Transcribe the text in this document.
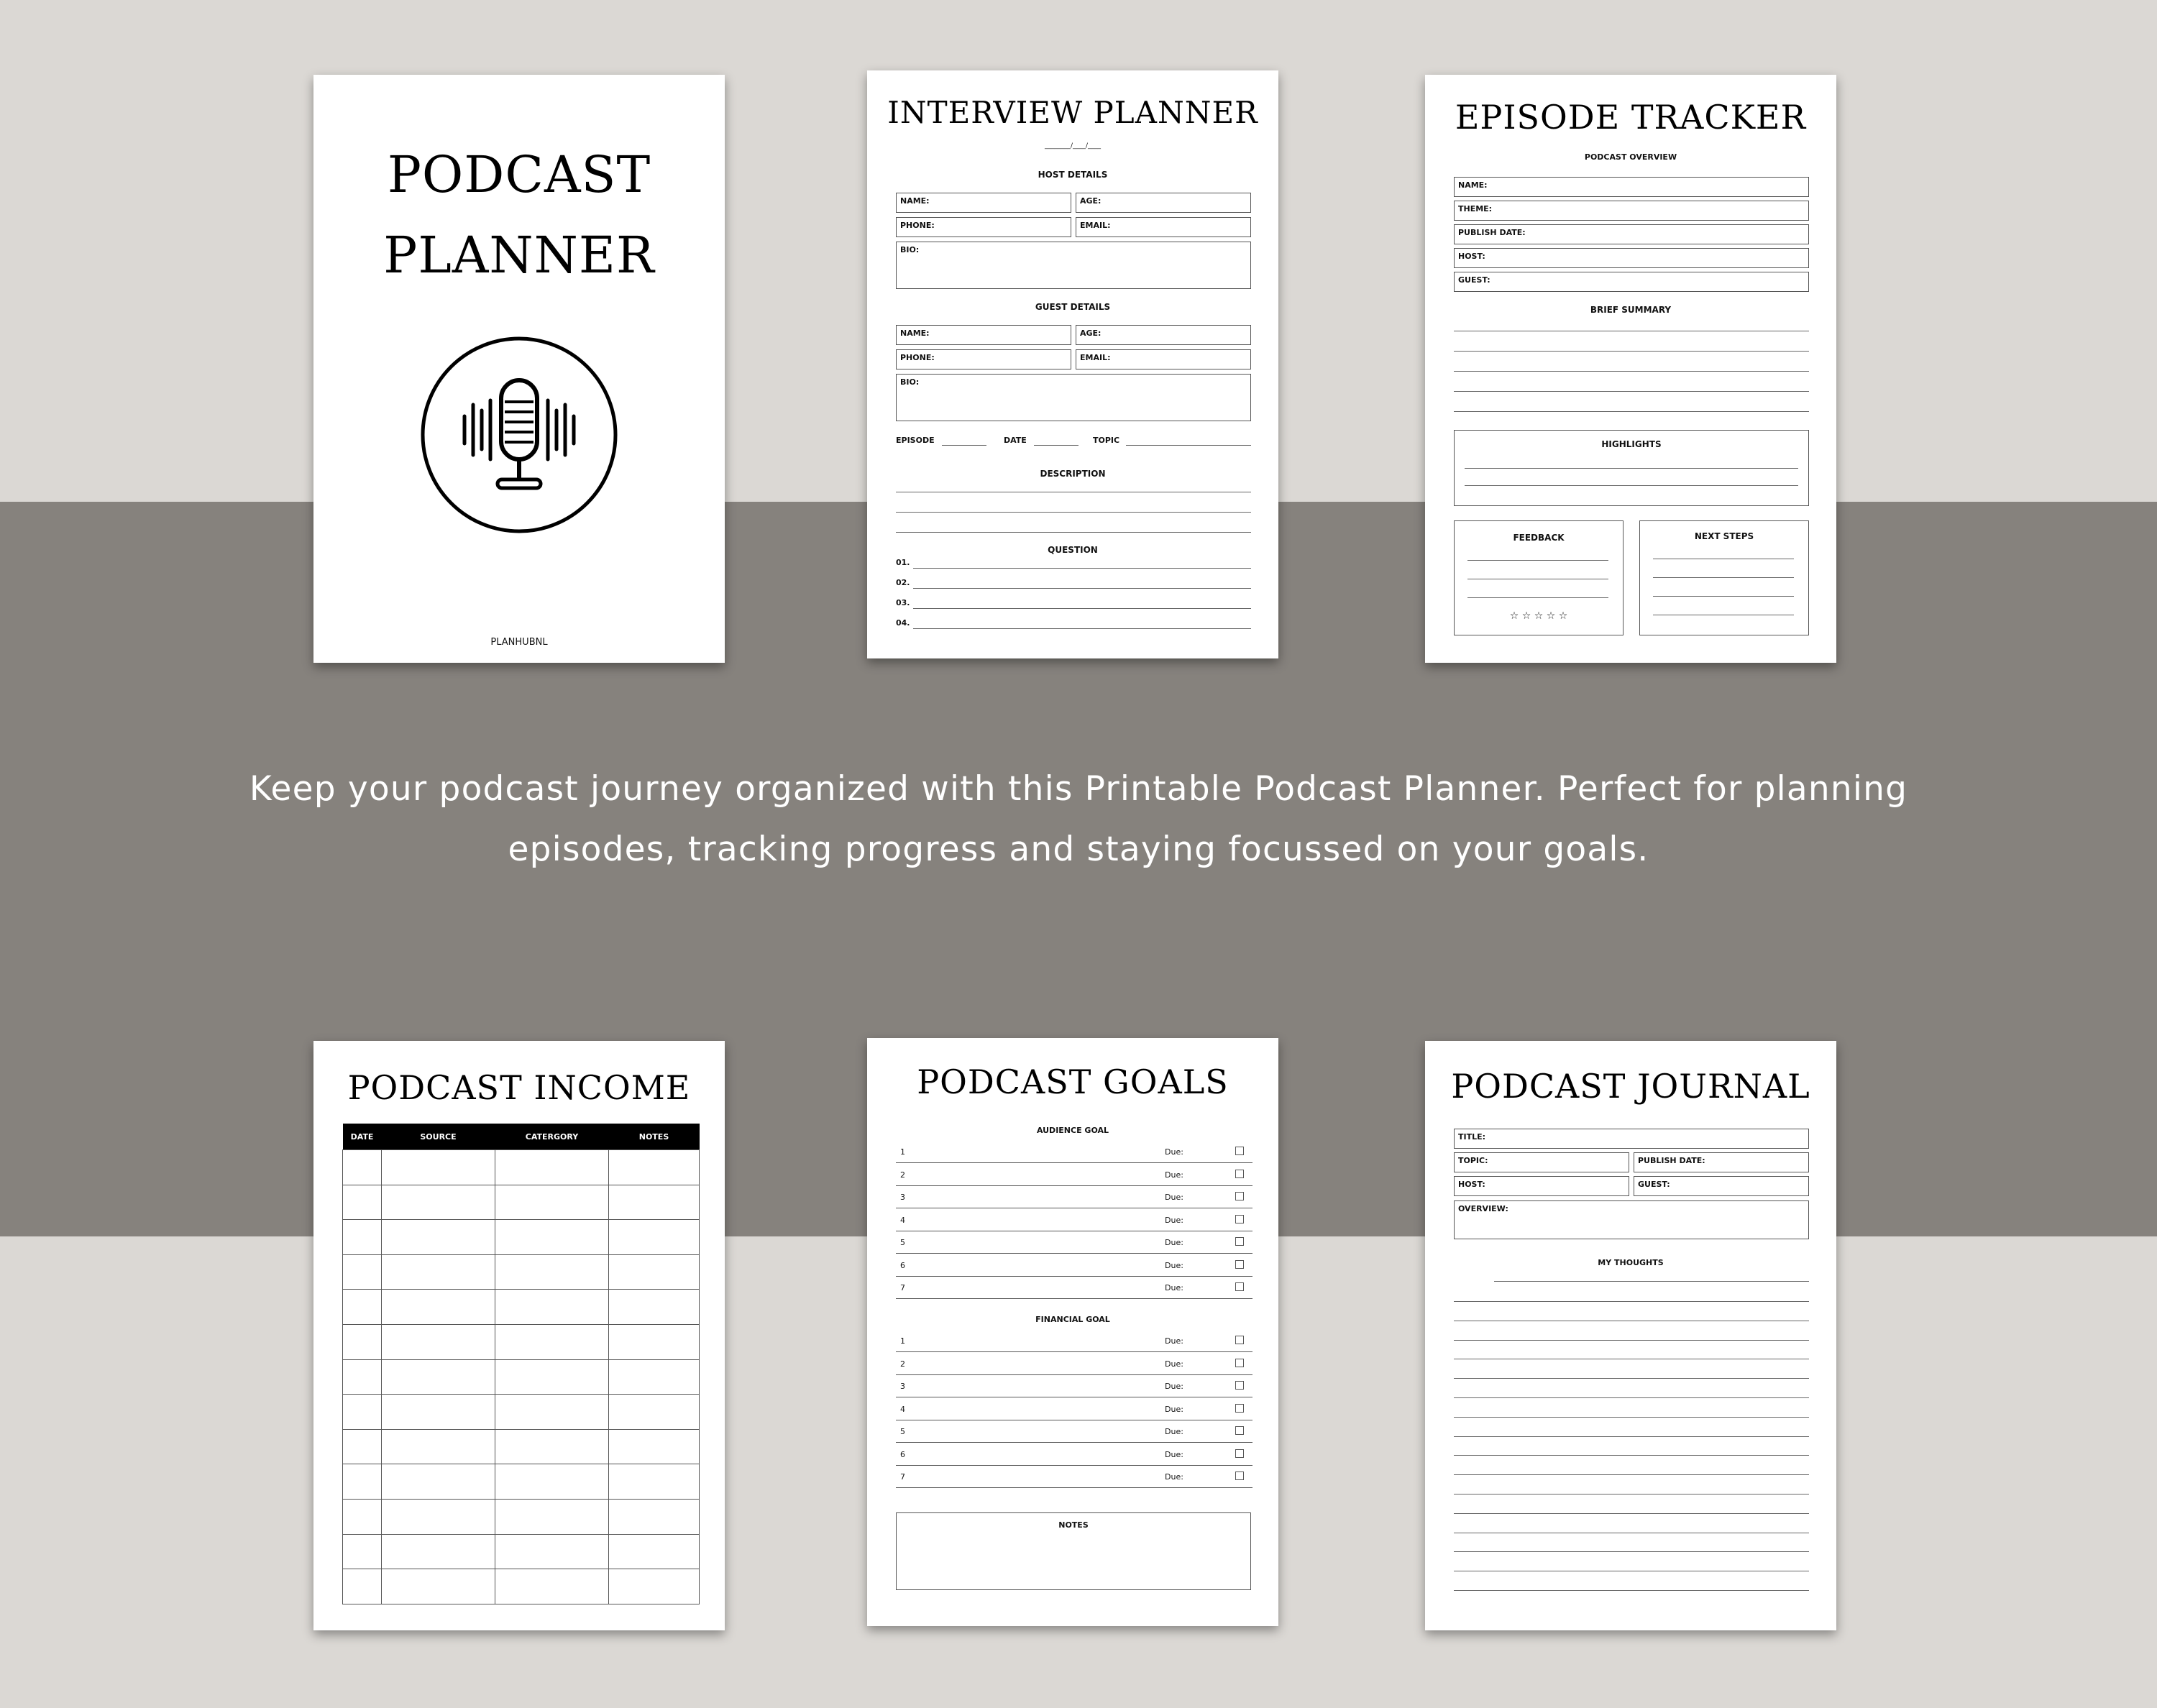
PODCAST
PLANNER
PLANHUBNL
INTERVIEW PLANNER
________/____/____
HOST DETAILS
NAME:	AGE:
PHONE:	EMAIL:
BIO:
GUEST DETAILS
NAME:	AGE:
PHONE:	EMAIL:
BIO:
EPISODE	DATE	TOPIC
DESCRIPTION
QUESTION
01.
02.
03.
04.
EPISODE TRACKER
PODCAST OVERVIEW
NAME:
THEME:
PUBLISH DATE:
HOST:
GUEST:
BRIEF SUMMARY
HIGHLIGHTS
FEEDBACK
☆ ☆ ☆ ☆ ☆
NEXT STEPS
Keep your podcast journey organized with this Printable Podcast Planner. Perfect for planning
episodes, tracking progress and staying focussed on your goals.
PODCAST INCOME
DATE	SOURCE	CATERGORY	NOTES

PODCAST GOALS
AUDIENCE GOAL
FINANCIAL GOAL
NOTES
1	Due:
2	Due:
3	Due:
4	Due:
5	Due:
6	Due:
7	Due:
1	Due:
2	Due:
3	Due:
4	Due:
5	Due:
6	Due:
7	Due:
PODCAST JOURNAL
TITLE:
TOPIC:	PUBLISH DATE:
HOST:	GUEST:
OVERVIEW:
MY THOUGHTS
